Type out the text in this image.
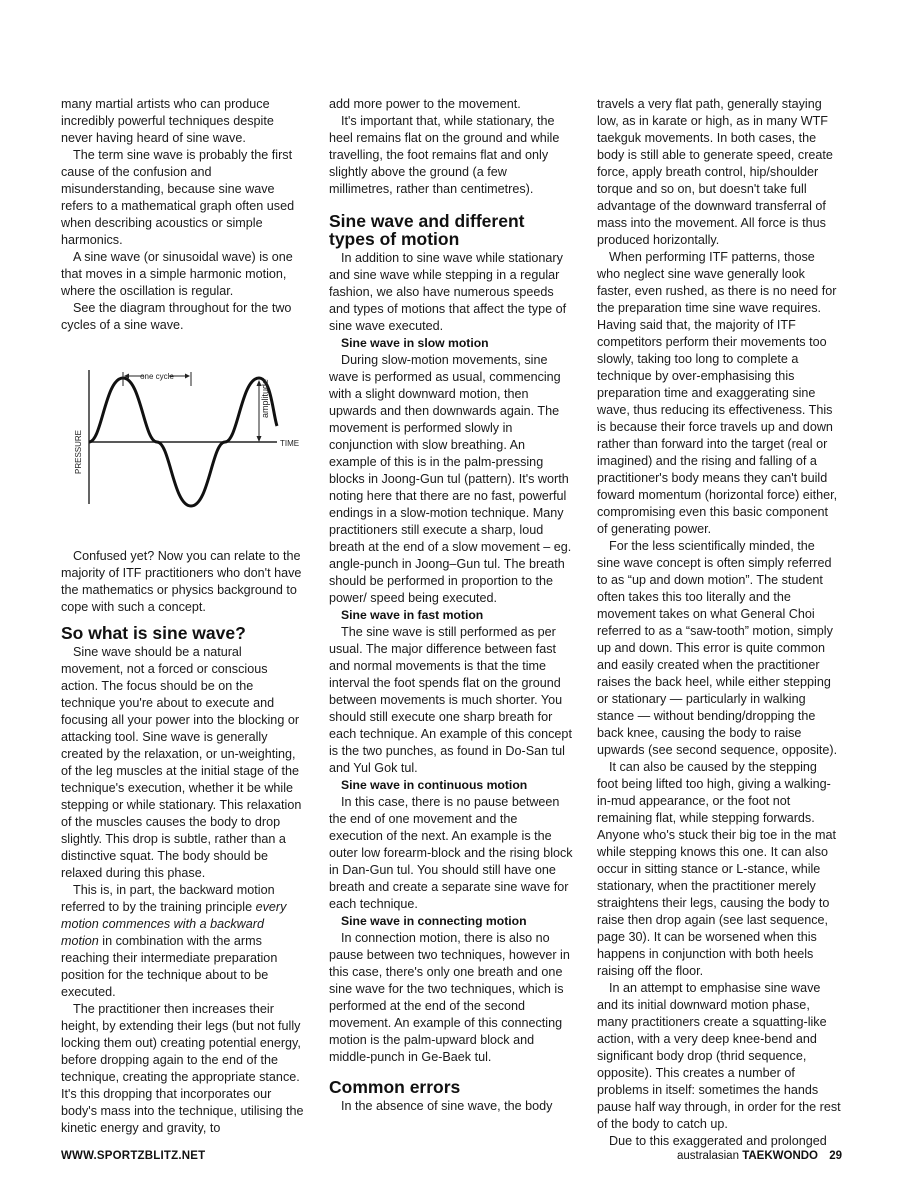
many martial artists who can produce incredibly powerful techniques despite never having heard of sine wave.

The term sine wave is probably the first cause of the confusion and misunderstanding, because sine wave refers to a mathematical graph often used when describing acoustics or simple harmonics.

A sine wave (or sinusoidal wave) is one that moves in a simple harmonic motion, where the oscillation is regular.

See the diagram throughout for the two cycles of a sine wave.

one cycle
amplitude
PRESSURE	TIME

Confused yet? Now you can relate to the majority of ITF practitioners who don't have the mathematics or physics background to cope with such a concept.

So what is sine wave?

Sine wave should be a natural movement, not a forced or conscious action. The focus should be on the technique you're about to execute and focusing all your power into the blocking or attacking tool. Sine wave is generally created by the relaxation, or un-weighting, of the leg muscles at the initial stage of the technique's execution, whether it be while stepping or while stationary. This relaxation of the muscles causes the body to drop slightly. This drop is subtle, rather than a distinctive squat. The body should be relaxed during this phase.

This is, in part, the backward motion referred to by the training principle every motion commences with a backward motion in combination with the arms reaching their intermediate preparation position for the technique about to be executed.

The practitioner then increases their height, by extending their legs (but not fully locking them out) creating potential energy, before dropping again to the end of the technique, creating the appropriate stance. It's this dropping that incorporates our body's mass into the technique, utilising the kinetic energy and gravity, to

add more power to the movement.

It's important that, while stationary, the heel remains flat on the ground and while travelling, the foot remains flat and only slightly above the ground (a few millimetres, rather than centimetres).

Sine wave and different types of motion

In addition to sine wave while stationary and sine wave while stepping in a regular fashion, we also have numerous speeds and types of motions that affect the type of sine wave executed.

Sine wave in slow motion

During slow-motion movements, sine wave is performed as usual, commencing with a slight downward motion, then upwards and then downwards again. The movement is performed slowly in conjunction with slow breathing. An example of this is in the palm-pressing blocks in Joong-Gun tul (pattern). It's worth noting here that there are no fast, powerful endings in a slow-motion technique. Many practitioners still execute a sharp, loud breath at the end of a slow movement – eg. angle-punch in Joong–Gun tul. The breath should be performed in proportion to the power/ speed being executed.

Sine wave in fast motion

The sine wave is still performed as per usual. The major difference between fast and normal movements is that the time interval the foot spends flat on the ground between movements is much shorter. You should still execute one sharp breath for each technique. An example of this concept is the two punches, as found in Do-San tul and Yul Gok tul.

Sine wave in continuous motion

In this case, there is no pause between the end of one movement and the execution of the next. An example is the outer low forearm-block and the rising block in Dan-Gun tul. You should still have one breath and create a separate sine wave for each technique.

Sine wave in connecting motion

In connection motion, there is also no pause between two techniques, however in this case, there's only one breath and one sine wave for the two techniques, which is performed at the end of the second movement. An example of this connecting motion is the palm-upward block and middle-punch in Ge-Baek tul.

Common errors

In the absence of sine wave, the body

travels a very flat path, generally staying low, as in karate or high, as in many WTF taekguk movements. In both cases, the body is still able to generate speed, create force, apply breath control, hip/shoulder torque and so on, but doesn't take full advantage of the downward transferral of mass into the movement. All force is thus produced horizontally.

When performing ITF patterns, those who neglect sine wave generally look faster, even rushed, as there is no need for the preparation time sine wave requires. Having said that, the majority of ITF competitors perform their movements too slowly, taking too long to complete a technique by over-emphasising this preparation time and exaggerating sine wave, thus reducing its effectiveness. This is because their force travels up and down rather than forward into the target (real or imagined) and the rising and falling of a practitioner's body means they can't build foward momentum (horizontal force) either, compromising even this basic component of generating power.

For the less scientifically minded, the sine wave concept is often simply referred to as “up and down motion”. The student often takes this too literally and the movement takes on what General Choi referred to as a “saw-tooth” motion, simply up and down. This error is quite common and easily created when the practitioner raises the back heel, while either stepping or stationary — particularly in walking stance — without bending/dropping the back knee, causing the body to raise upwards (see second sequence, opposite).

It can also be caused by the stepping foot being lifted too high, giving a walking-in-mud appearance, or the foot not remaining flat, while stepping forwards. Anyone who's stuck their big toe in the mat while stepping knows this one. It can also occur in sitting stance or L-stance, while stationary, when the practitioner merely straightens their legs, causing the body to raise then drop again (see last sequence, page 30). It can be worsened when this happens in conjunction with both heels raising off the floor.

In an attempt to emphasise sine wave and its initial downward motion phase, many practitioners create a squatting-like action, with a very deep knee-bend and significant body drop (thrid sequence, opposite). This creates a number of problems in itself: sometimes the hands pause half way through, in order for the rest of the body to catch up.

Due to this exaggerated and prolonged

WWW.SPORTZBLITZ.NET	australasian TAEKWONDO 29
